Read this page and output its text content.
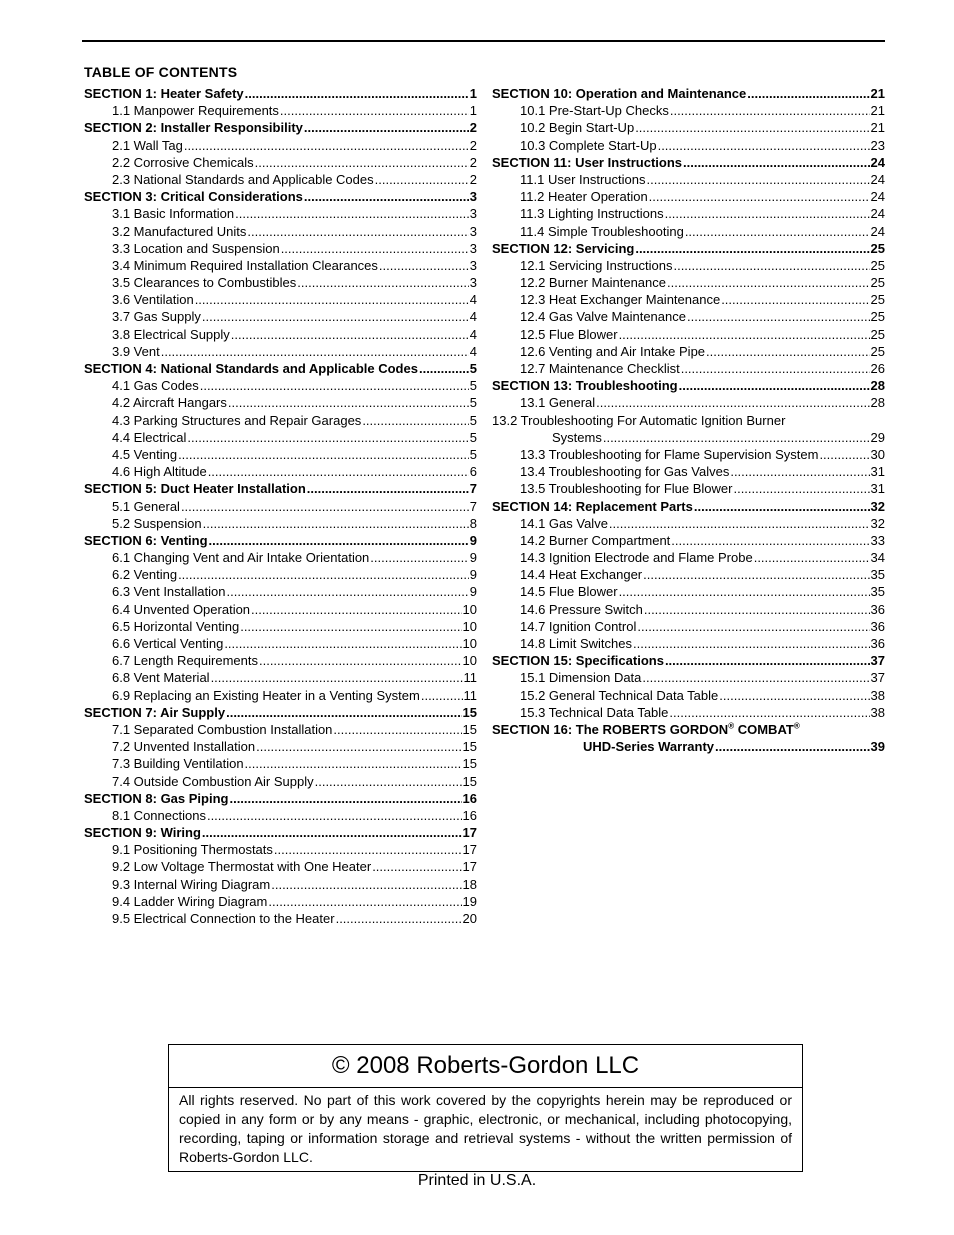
TABLE OF CONTENTS
SECTION 1: Heater Safety .....	1
1.1 Manpower Requirements .....	1
SECTION 2: Installer Responsibility .....	2
2.1 Wall Tag .....	2
2.2 Corrosive Chemicals .....	2
2.3 National Standards and Applicable Codes .....	2
SECTION 3: Critical Considerations .....	3
3.1 Basic Information .....	3
3.2 Manufactured Units .....	3
3.3 Location and Suspension .....	3
3.4 Minimum Required Installation Clearances .....	3
3.5 Clearances to Combustibles .....	3
3.6 Ventilation .....	4
3.7 Gas Supply .....	4
3.8 Electrical Supply .....	4
3.9 Vent .....	4
SECTION 4: National Standards and Applicable Codes .....	5
4.1 Gas Codes .....	5
4.2 Aircraft Hangars .....	5
4.3 Parking Structures and Repair Garages .....	5
4.4 Electrical .....	5
4.5 Venting .....	5
4.6 High Altitude .....	6
SECTION 5: Duct Heater Installation .....	7
5.1 General .....	7
5.2 Suspension .....	8
SECTION 6: Venting .....	9
6.1 Changing Vent and Air Intake Orientation .....	9
6.2 Venting .....	9
6.3 Vent Installation .....	9
6.4 Unvented Operation .....	10
6.5 Horizontal Venting .....	10
6.6 Vertical Venting .....	10
6.7 Length Requirements .....	10
6.8 Vent Material .....	11
6.9 Replacing an Existing Heater in a Venting System .....	11
SECTION 7: Air Supply .....	15
7.1 Separated Combustion Installation .....	15
7.2 Unvented Installation .....	15
7.3 Building Ventilation .....	15
7.4 Outside Combustion Air Supply .....	15
SECTION 8: Gas Piping .....	16
8.1 Connections .....	16
SECTION 9: Wiring .....	17
9.1 Positioning Thermostats .....	17
9.2 Low Voltage Thermostat with One Heater .....	17
9.3 Internal Wiring Diagram .....	18
9.4 Ladder Wiring Diagram .....	19
9.5 Electrical Connection to the Heater .....	20
SECTION 10: Operation and Maintenance .....	21
10.1 Pre-Start-Up Checks .....	21
10.2 Begin Start-Up .....	21
10.3 Complete Start-Up .....	23
SECTION 11: User Instructions .....	24
11.1 User Instructions .....	24
11.2 Heater Operation .....	24
11.3 Lighting Instructions .....	24
11.4 Simple Troubleshooting .....	24
SECTION 12: Servicing .....	25
12.1 Servicing Instructions .....	25
12.2 Burner Maintenance .....	25
12.3 Heat Exchanger Maintenance .....	25
12.4 Gas Valve Maintenance .....	25
12.5 Flue Blower .....	25
12.6 Venting and Air Intake Pipe .....	25
12.7 Maintenance Checklist .....	26
SECTION 13: Troubleshooting .....	28
13.1 General .....	28
13.2 Troubleshooting For Automatic Ignition Burner
Systems .....	29
13.3 Troubleshooting for Flame Supervision System .....	30
13.4 Troubleshooting for Gas Valves .....	31
13.5 Troubleshooting for Flue Blower .....	31
SECTION 14: Replacement Parts .....	32
14.1 Gas Valve .....	32
14.2 Burner Compartment .....	33
14.3 Ignition Electrode and Flame Probe .....	34
14.4 Heat Exchanger .....	35
14.5 Flue Blower .....	35
14.6 Pressure Switch .....	36
14.7 Ignition Control .....	36
14.8 Limit Switches .....	36
SECTION 15: Specifications .....	37
15.1 Dimension Data .....	37
15.2 General Technical Data Table .....	38
15.3 Technical Data Table .....	38
SECTION 16: The ROBERTS GORDON® COMBAT®
UHD-Series Warranty .....	39
© 2008 Roberts-Gordon LLC
All rights reserved. No part of this work covered by the copyrights herein may be reproduced or copied in any form or by any means - graphic, electronic, or mechanical, including photocopying, recording, taping or information storage and retrieval systems - without the written permission of Roberts-Gordon LLC.
Printed in U.S.A.
